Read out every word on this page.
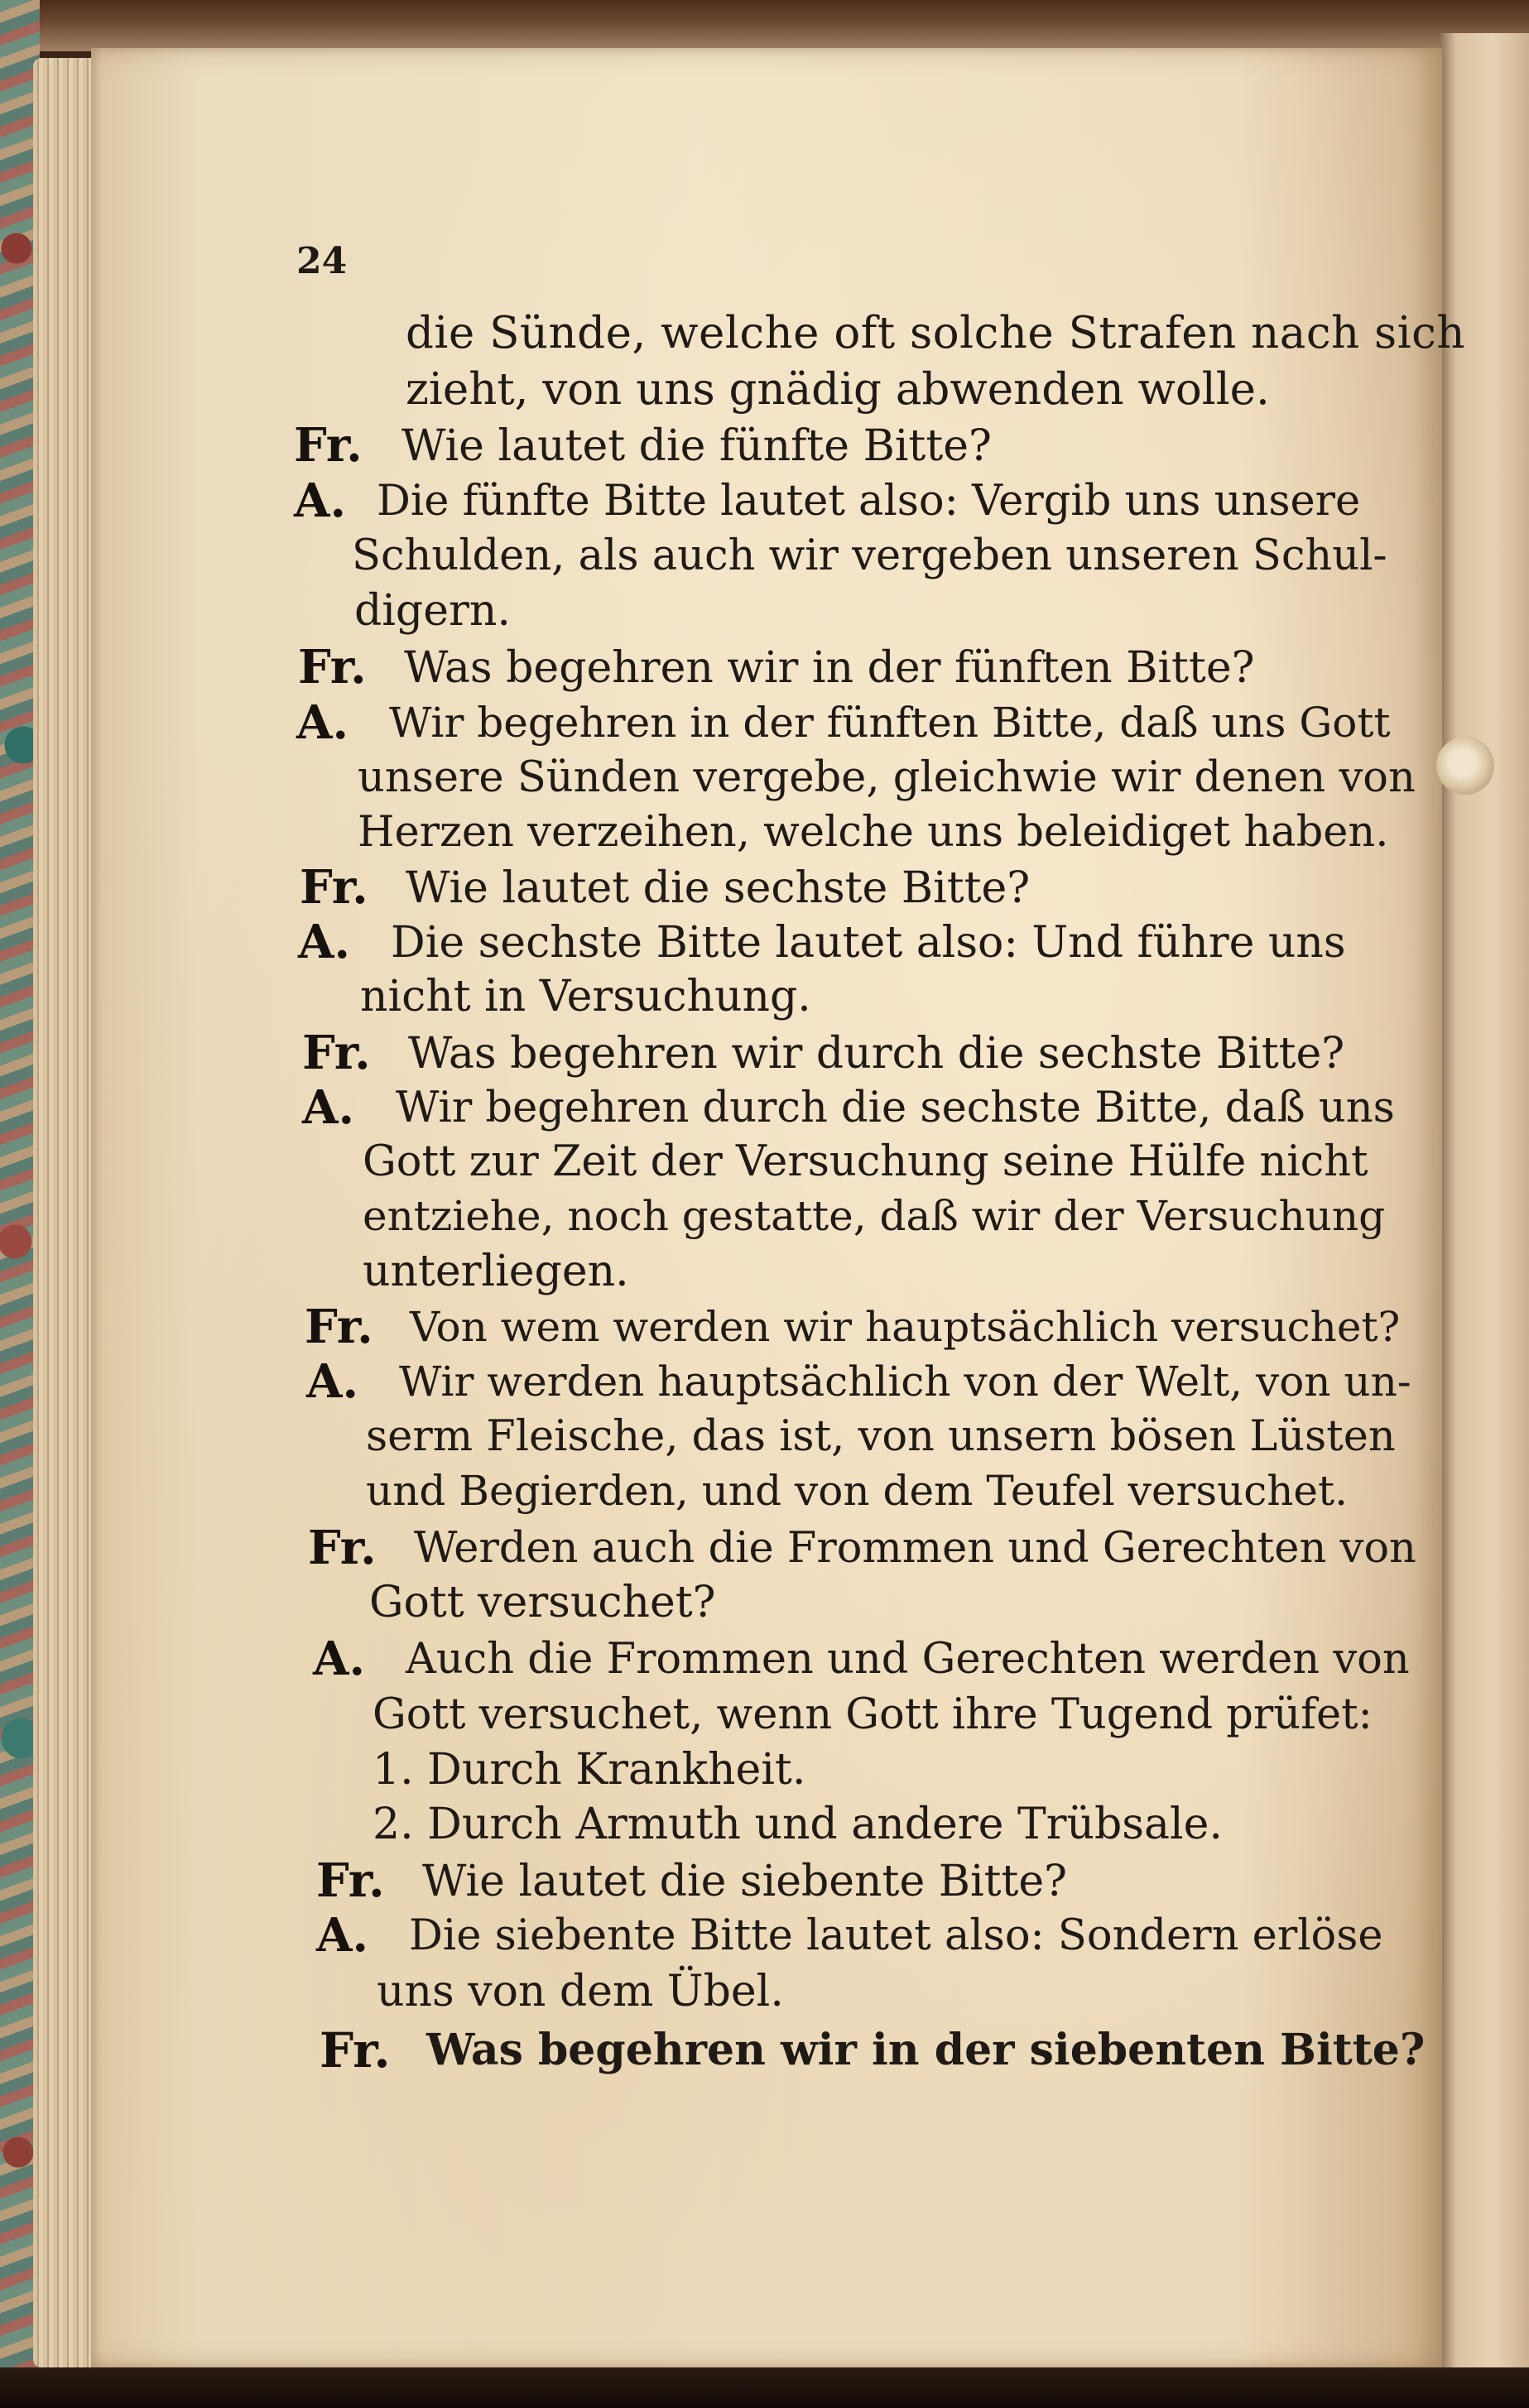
24
die Sünde, welche oft solche Strafen nach sich
zieht, von uns gnädig abwenden wolle.
Fr. Wie lautet die fünfte Bitte?
A. Die fünfte Bitte lautet also: Vergib uns unsere
Schulden, als auch wir vergeben unseren Schul-
digern.
Fr. Was begehren wir in der fünften Bitte?
A. Wir begehren in der fünften Bitte, daß uns Gott
unsere Sünden vergebe, gleichwie wir denen von
Herzen verzeihen, welche uns beleidiget haben.
Fr. Wie lautet die sechste Bitte?
A. Die sechste Bitte lautet also: Und führe uns
nicht in Versuchung.
Fr. Was begehren wir durch die sechste Bitte?
A. Wir begehren durch die sechste Bitte, daß uns
Gott zur Zeit der Versuchung seine Hülfe nicht
entziehe, noch gestatte, daß wir der Versuchung
unterliegen.
Fr. Von wem werden wir hauptsächlich versuchet?
A. Wir werden hauptsächlich von der Welt, von un-
serm Fleische, das ist, von unsern bösen Lüsten
und Begierden, und von dem Teufel versuchet.
Fr. Werden auch die Frommen und Gerechten von
Gott versuchet?
A. Auch die Frommen und Gerechten werden von
Gott versuchet, wenn Gott ihre Tugend prüfet:
1. Durch Krankheit.
2. Durch Armuth und andere Trübsale.
Fr. Wie lautet die siebente Bitte?
A. Die siebente Bitte lautet also: Sondern erlöse
uns von dem Übel.
Fr. Was begehren wir in der siebenten Bitte?
